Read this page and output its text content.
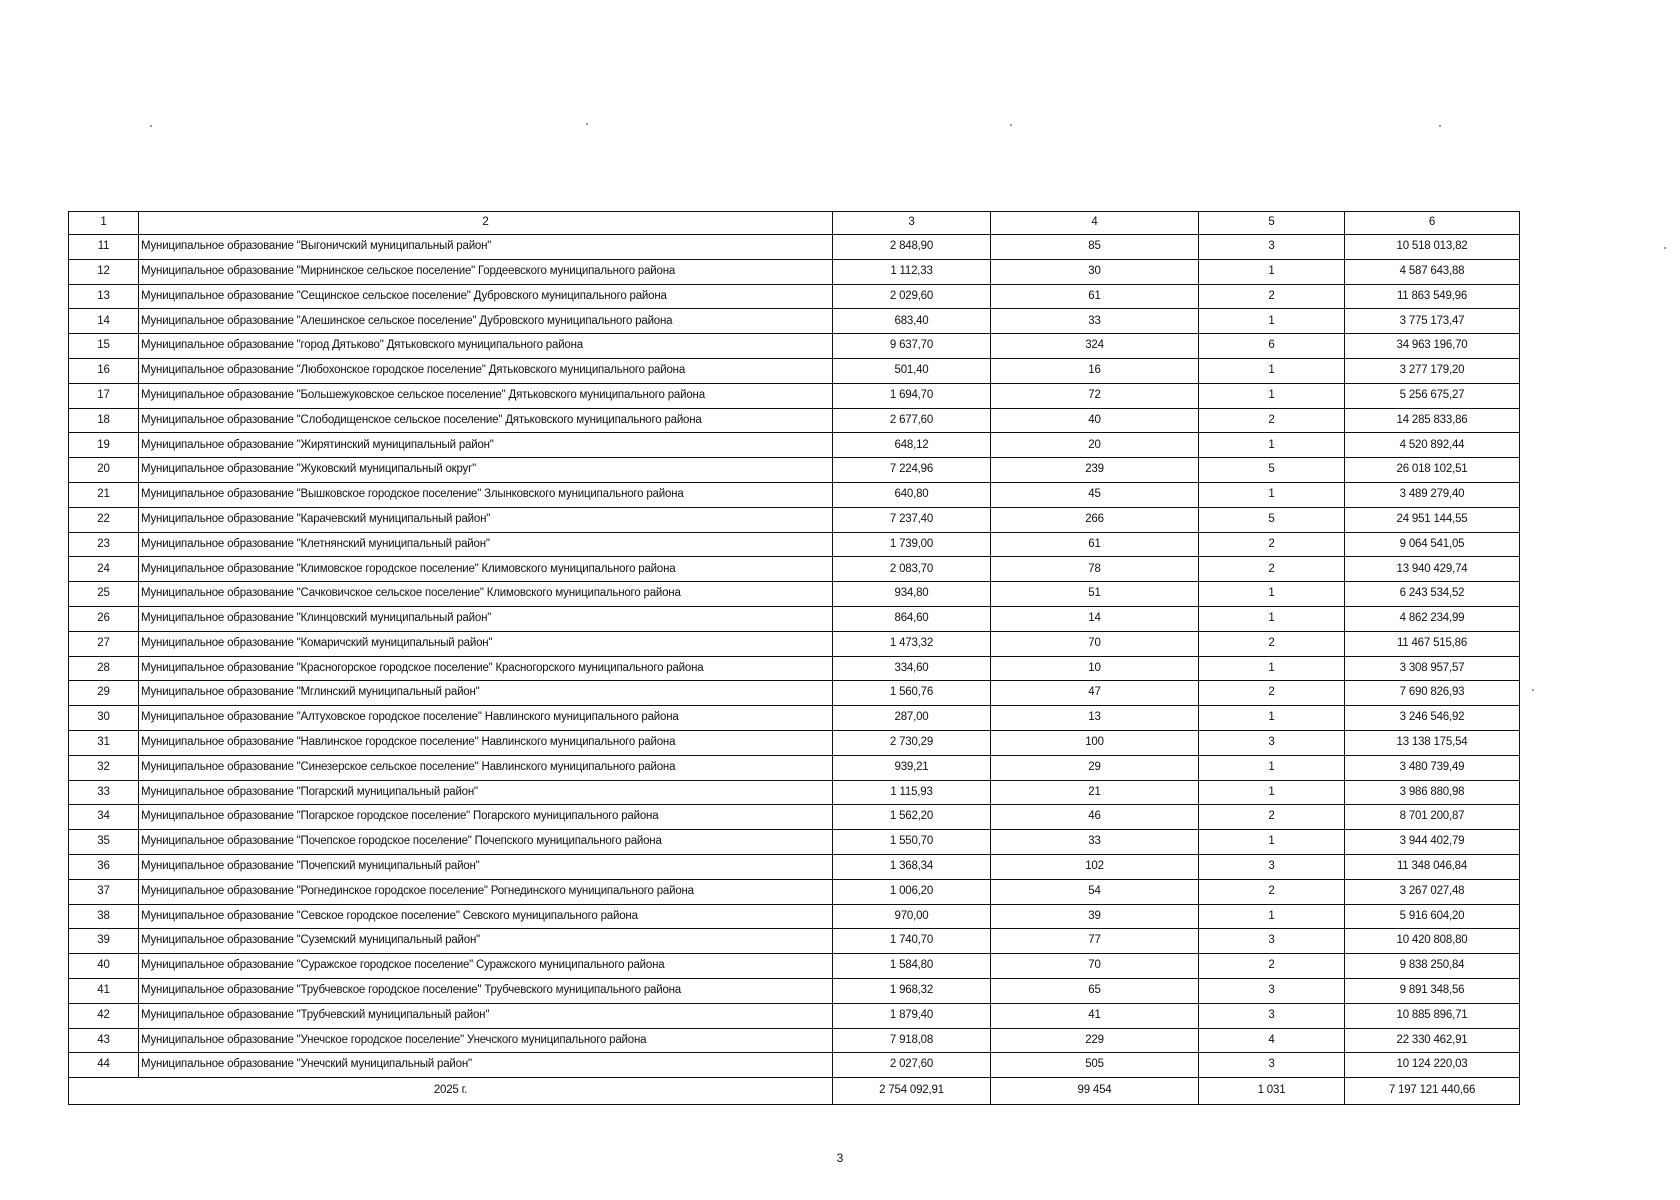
1	2	3	4	5	6
11	Муниципальное образование "Выгоничский муниципальный район"	2 848,90	85	3	10 518 013,82
12	Муниципальное образование "Мирнинское сельское поселение" Гордеевского муниципального района	1 112,33	30	1	4 587 643,88
13	Муниципальное образование "Сещинское сельское поселение" Дубровского муниципального района	2 029,60	61	2	11 863 549,96
14	Муниципальное образование "Алешинское сельское поселение" Дубровского муниципального района	683,40	33	1	3 775 173,47
15	Муниципальное образование "город Дятьково" Дятьковского муниципального района	9 637,70	324	6	34 963 196,70
16	Муниципальное образование "Любохонское городское поселение" Дятьковского муниципального района	501,40	16	1	3 277 179,20
17	Муниципальное образование "Большежуковское сельское поселение" Дятьковского муниципального района	1 694,70	72	1	5 256 675,27
18	Муниципальное образование "Слободищенское сельское поселение" Дятьковского муниципального района	2 677,60	40	2	14 285 833,86
19	Муниципальное образование "Жирятинский муниципальный район"	648,12	20	1	4 520 892,44
20	Муниципальное образование "Жуковский муниципальный округ"	7 224,96	239	5	26 018 102,51
21	Муниципальное образование "Вышковское городское поселение" Злынковского муниципального района	640,80	45	1	3 489 279,40
22	Муниципальное образование "Карачевский муниципальный район"	7 237,40	266	5	24 951 144,55
23	Муниципальное образование "Клетнянский муниципальный район"	1 739,00	61	2	9 064 541,05
24	Муниципальное образование "Климовское городское поселение" Климовского муниципального района	2 083,70	78	2	13 940 429,74
25	Муниципальное образование "Сачковичское сельское поселение" Климовского муниципального района	934,80	51	1	6 243 534,52
26	Муниципальное образование "Клинцовский муниципальный район"	864,60	14	1	4 862 234,99
27	Муниципальное образование "Комаричский муниципальный район"	1 473,32	70	2	11 467 515,86
28	Муниципальное образование "Красногорское городское поселение" Красногорского муниципального района	334,60	10	1	3 308 957,57
29	Муниципальное образование "Мглинский муниципальный район"	1 560,76	47	2	7 690 826,93
30	Муниципальное образование "Алтуховское городское поселение" Навлинского муниципального района	287,00	13	1	3 246 546,92
31	Муниципальное образование "Навлинское городское поселение" Навлинского муниципального района	2 730,29	100	3	13 138 175,54
32	Муниципальное образование "Синезерское сельское поселение" Навлинского муниципального района	939,21	29	1	3 480 739,49
33	Муниципальное образование "Погарский муниципальный район"	1 115,93	21	1	3 986 880,98
34	Муниципальное образование "Погарское городское поселение" Погарского муниципального района	1 562,20	46	2	8 701 200,87
35	Муниципальное образование "Почепское городское поселение" Почепского муниципального района	1 550,70	33	1	3 944 402,79
36	Муниципальное образование "Почепский муниципальный район"	1 368,34	102	3	11 348 046,84
37	Муниципальное образование "Рогнединское городское поселение" Рогнединского муниципального района	1 006,20	54	2	3 267 027,48
38	Муниципальное образование "Севское городское поселение" Севского муниципального района	970,00	39	1	5 916 604,20
39	Муниципальное образование "Суземский муниципальный район"	1 740,70	77	3	10 420 808,80
40	Муниципальное образование "Суражское городское поселение" Суражского муниципального района	1 584,80	70	2	9 838 250,84
41	Муниципальное образование "Трубчевское городское поселение" Трубчевского муниципального района	1 968,32	65	3	9 891 348,56
42	Муниципальное образование "Трубчевский муниципальный район"	1 879,40	41	3	10 885 896,71
43	Муниципальное образование "Унечское городское поселение" Унечского муниципального района	7 918,08	229	4	22 330 462,91
44	Муниципальное образование "Унечский муниципальный район"	2 027,60	505	3	10 124 220,03
2025 г.		2 754 092,91	99 454	1 031	7 197 121 440,66
3
